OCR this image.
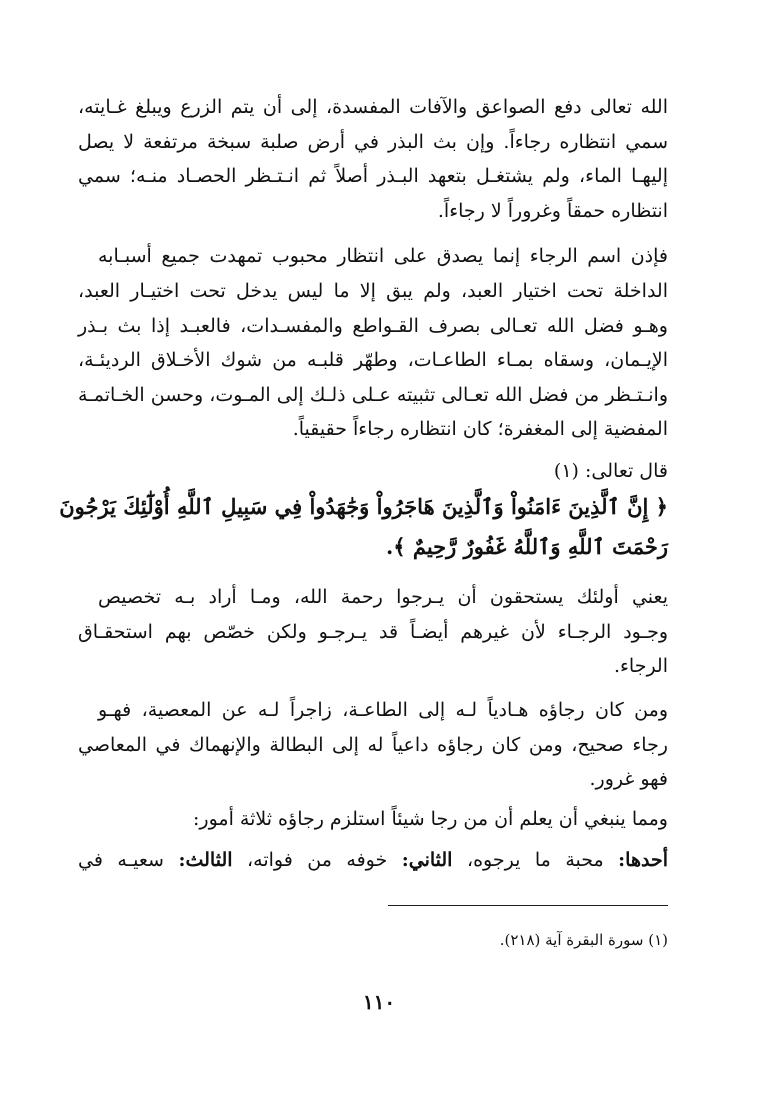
الله تعالى دفع الصواعق والآفات المفسدة، إلى أن يتم الزرع ويبلغ غـايته،
سمي انتظاره رجاءاً. وإن بث البذر في أرض صلبة سبخة مرتفعة لا يصل
إليهـا الماء، ولم يشتغـل بتعهد البـذر أصلاً ثم انـتـظر الحصـاد منـه؛ سمي
انتظاره حمقاً وغروراً لا رجاءاً.
فإذن اسم الرجاء إنما يصدق على انتظار محبوب تمهدت جميع أسبـابه
الداخلة تحت اختيار العبد، ولم يبق إلا ما ليس يدخل تحت اختيـار العبد،
وهـو فضل الله تعـالى بصرف القـواطع والمفسـدات، فالعبـد إذا بث بـذر
الإيـمان، وسقاه بمـاء الطاعـات، وطهّر قلبـه من شوك الأخـلاق الرديئـة،
وانـتـظر من فضل الله تعـالى تثبيته عـلى ذلـك إلى المـوت، وحسن الخـاتمـة
المفضية إلى المغفرة؛ كان انتظاره رجاءاً حقيقياً.
قال تعالى: (١)
﴿ إِنَّ ٱلَّذِينَ ءَامَنُواْ وَٱلَّذِينَ هَاجَرُواْ وَجَٰهَدُواْ فِي سَبِيلِ ٱللَّهِ أُوْلَٰٓئِكَ يَرْجُونَ
رَحْمَتَ ٱللَّهِ وَٱللَّهُ غَفُورٌ رَّحِيمٌ ﴾.
يعني أولئك يستحقون أن يـرجوا رحمة الله، ومـا أراد بـه تخصيص
وجـود الرجـاء لأن غيرهم أيضـاً قد يـرجـو ولكن خصّص بهم استحقـاق
الرجاء.
ومن كان رجاؤه هـادياً لـه إلى الطاعـة، زاجراً لـه عن المعصية، فهـو
رجاء صحيح، ومن كان رجاؤه داعياً له إلى البطالة والإنهماك في المعاصي
فهو غرور.
ومما ينبغي أن يعلم أن من رجا شيئاً استلزم رجاؤه ثلاثة أمور:
أحدها: محبة ما يرجوه، الثاني: خوفه من فواته، الثالث: سعيـه في
(١) سورة البقرة آية (٢١٨).
١١٠
